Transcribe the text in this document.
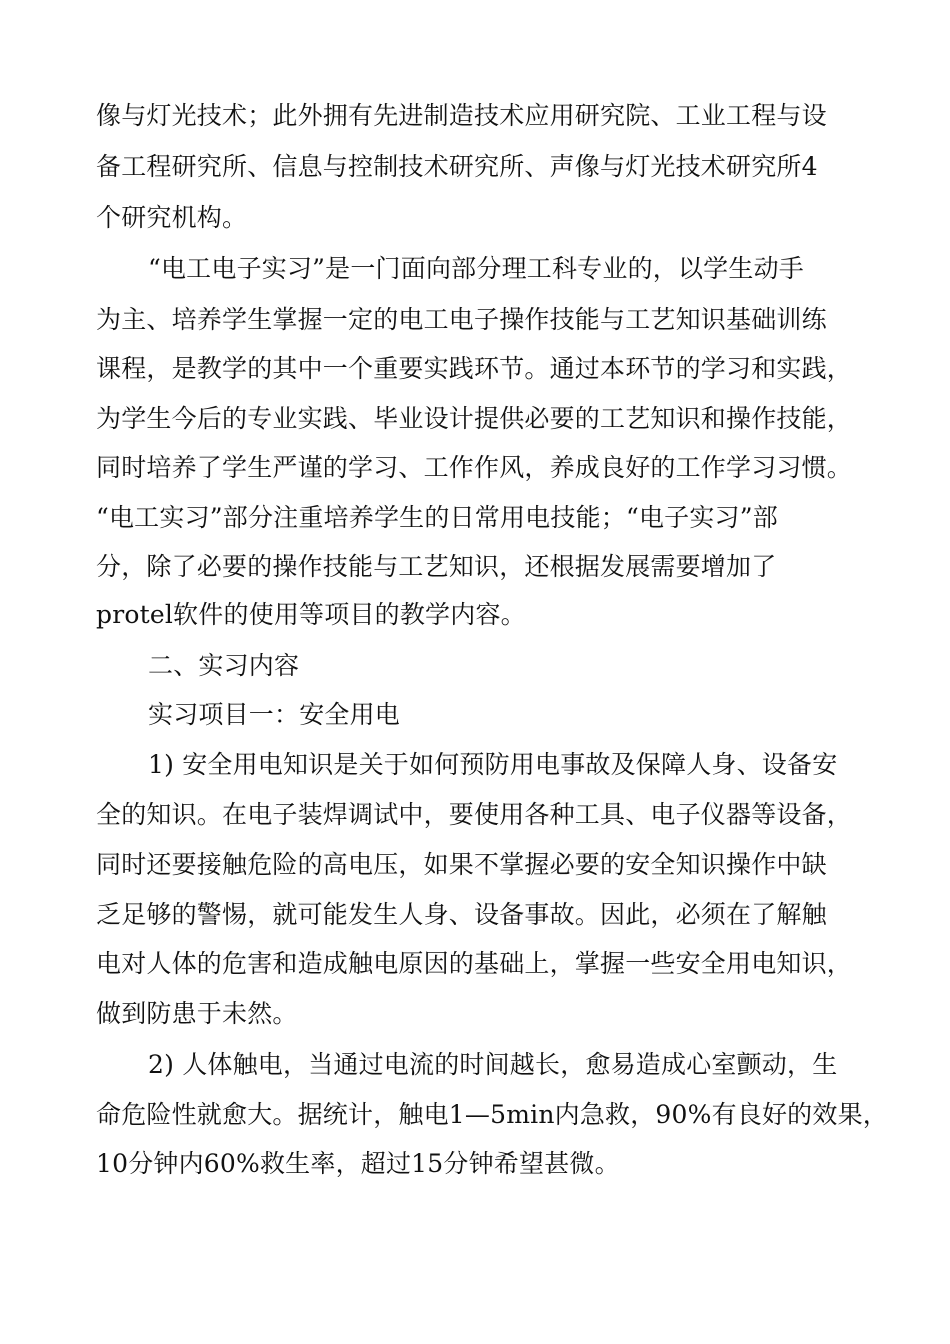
像与灯光技术；此外拥有先进制造技术应用研究院、工业工程与设
备工程研究所、信息与控制技术研究所、声像与灯光技术研究所4
个研究机构。
“电工电子实习”是一门面向部分理工科专业的，以学生动手
为主、培养学生掌握一定的电工电子操作技能与工艺知识基础训练
课程，是教学的其中一个重要实践环节。通过本环节的学习和实践，
为学生今后的专业实践、毕业设计提供必要的工艺知识和操作技能，
同时培养了学生严谨的学习、工作作风，养成良好的工作学习习惯。
“电工实习”部分注重培养学生的日常用电技能；“电子实习”部
分，除了必要的操作技能与工艺知识，还根据发展需要增加了
protel软件的使用等项目的教学内容。
二、实习内容
实习项目一：安全用电
1) 安全用电知识是关于如何预防用电事故及保障人身、设备安
全的知识。在电子装焊调试中，要使用各种工具、电子仪器等设备，
同时还要接触危险的高电压，如果不掌握必要的安全知识操作中缺
乏足够的警惕，就可能发生人身、设备事故。因此，必须在了解触
电对人体的危害和造成触电原因的基础上，掌握一些安全用电知识，
做到防患于未然。
2) 人体触电，当通过电流的时间越长，愈易造成心室颤动，生
命危险性就愈大。据统计，触电1—5min内急救，90%有良好的效果，
10分钟内60%救生率，超过15分钟希望甚微。
